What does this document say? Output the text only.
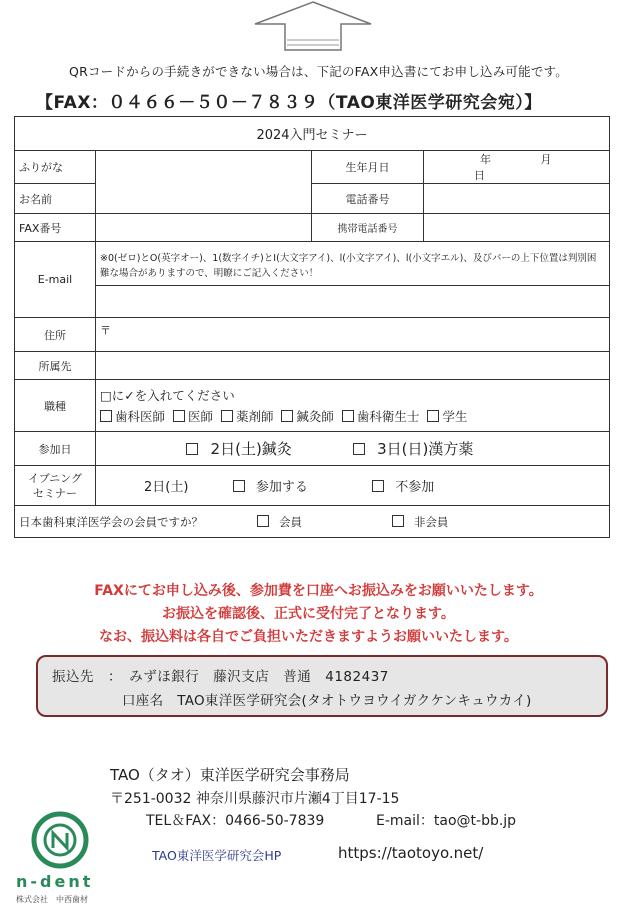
QRコードからの手続きができない場合は、下記のFAX申込書にてお申し込み可能です。
【FAX：０４６６－５０－７８３９（TAO東洋医学研究会宛）】
2024入門セミナー			
ふりがな		生年月日	年 月 日
お名前		電話番号	
FAX番号		携帯電話番号	
E-mail	※0(ゼロ)とO(英字オー)、1(数字イチ)とI(大文字アイ)、l(小文字アイ)、l(小文字エル)、及びバーの上下位置は判別困難な場合がありますので、明瞭にご記入ください！		

住所	〒		
所属先			
職種	□に✓を入れてください
歯科医師 医師 薬剤師 鍼灸師 歯科衛生士 学生		

参加日	2日(土)鍼灸 3日(日)漢方薬		
イブニング
セミナー	2日(土) 参加する 不参加		
日本歯科東洋医学会の会員ですか？ 会員 非会員			
FAXにてお申し込み後、参加費を口座へお振込みをお願いいたします。
お振込を確認後、正式に受付完了となります。
なお、振込料は各自でご負担いただきますようお願いいたします。
振込先　：　みずほ銀行　藤沢支店　普通　4182437
口座名　TAO東洋医学研究会(タオトウヨウイガクケンキュウカイ)
TAO（タオ）東洋医学研究会事務局
〒251-0032 神奈川県藤沢市片瀬4丁目17-15
TEL＆FAX：0466-50-7839	E-mail：tao@t-bb.jp
TAO東洋医学研究会HP	https://taotoyo.net/
n-dent
株式会社　中西歯材
